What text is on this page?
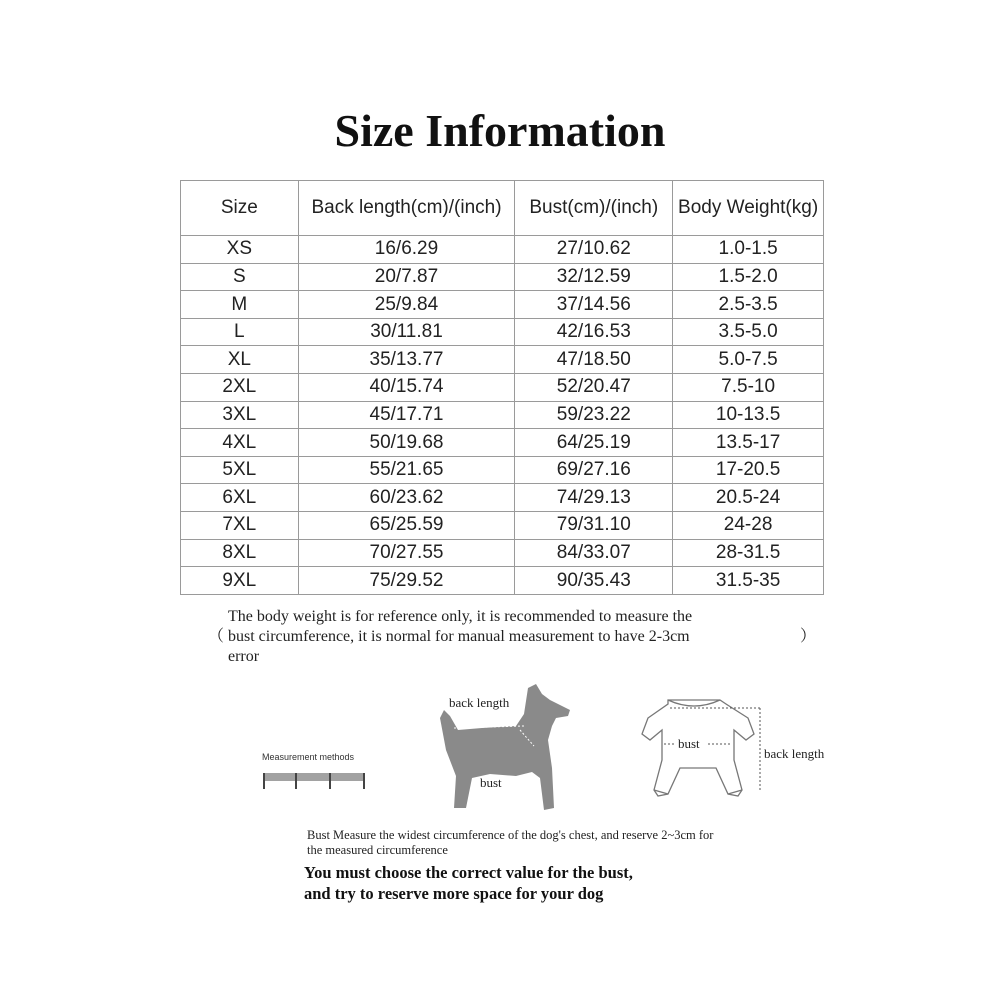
Size Information
Size	Back length(cm)/(inch)	Bust(cm)/(inch)	Body Weight(kg)
XS	16/6.29	27/10.62	1.0-1.5
S	20/7.87	32/12.59	1.5-2.0
M	25/9.84	37/14.56	2.5-3.5
L	30/11.81	42/16.53	3.5-5.0
XL	35/13.77	47/18.50	5.0-7.5
2XL	40/15.74	52/20.47	7.5-10
3XL	45/17.71	59/23.22	10-13.5
4XL	50/19.68	64/25.19	13.5-17
5XL	55/21.65	69/27.16	17-20.5
6XL	60/23.62	74/29.13	20.5-24
7XL	65/25.59	79/31.10	24-28
8XL	70/27.55	84/33.07	28-31.5
9XL	75/29.52	90/35.43	31.5-35
（
The body weight is for reference only, it is recommended to measure the
bust circumference, it is normal for manual measurement to have 2-3cm
error
）
Measurement methods
back length
bust
bust
back length
Bust Measure the widest circumference of the dog's chest, and reserve 2~3cm for the measured circumference
You must choose the correct value for the bust,
and try to reserve more space for your dog
